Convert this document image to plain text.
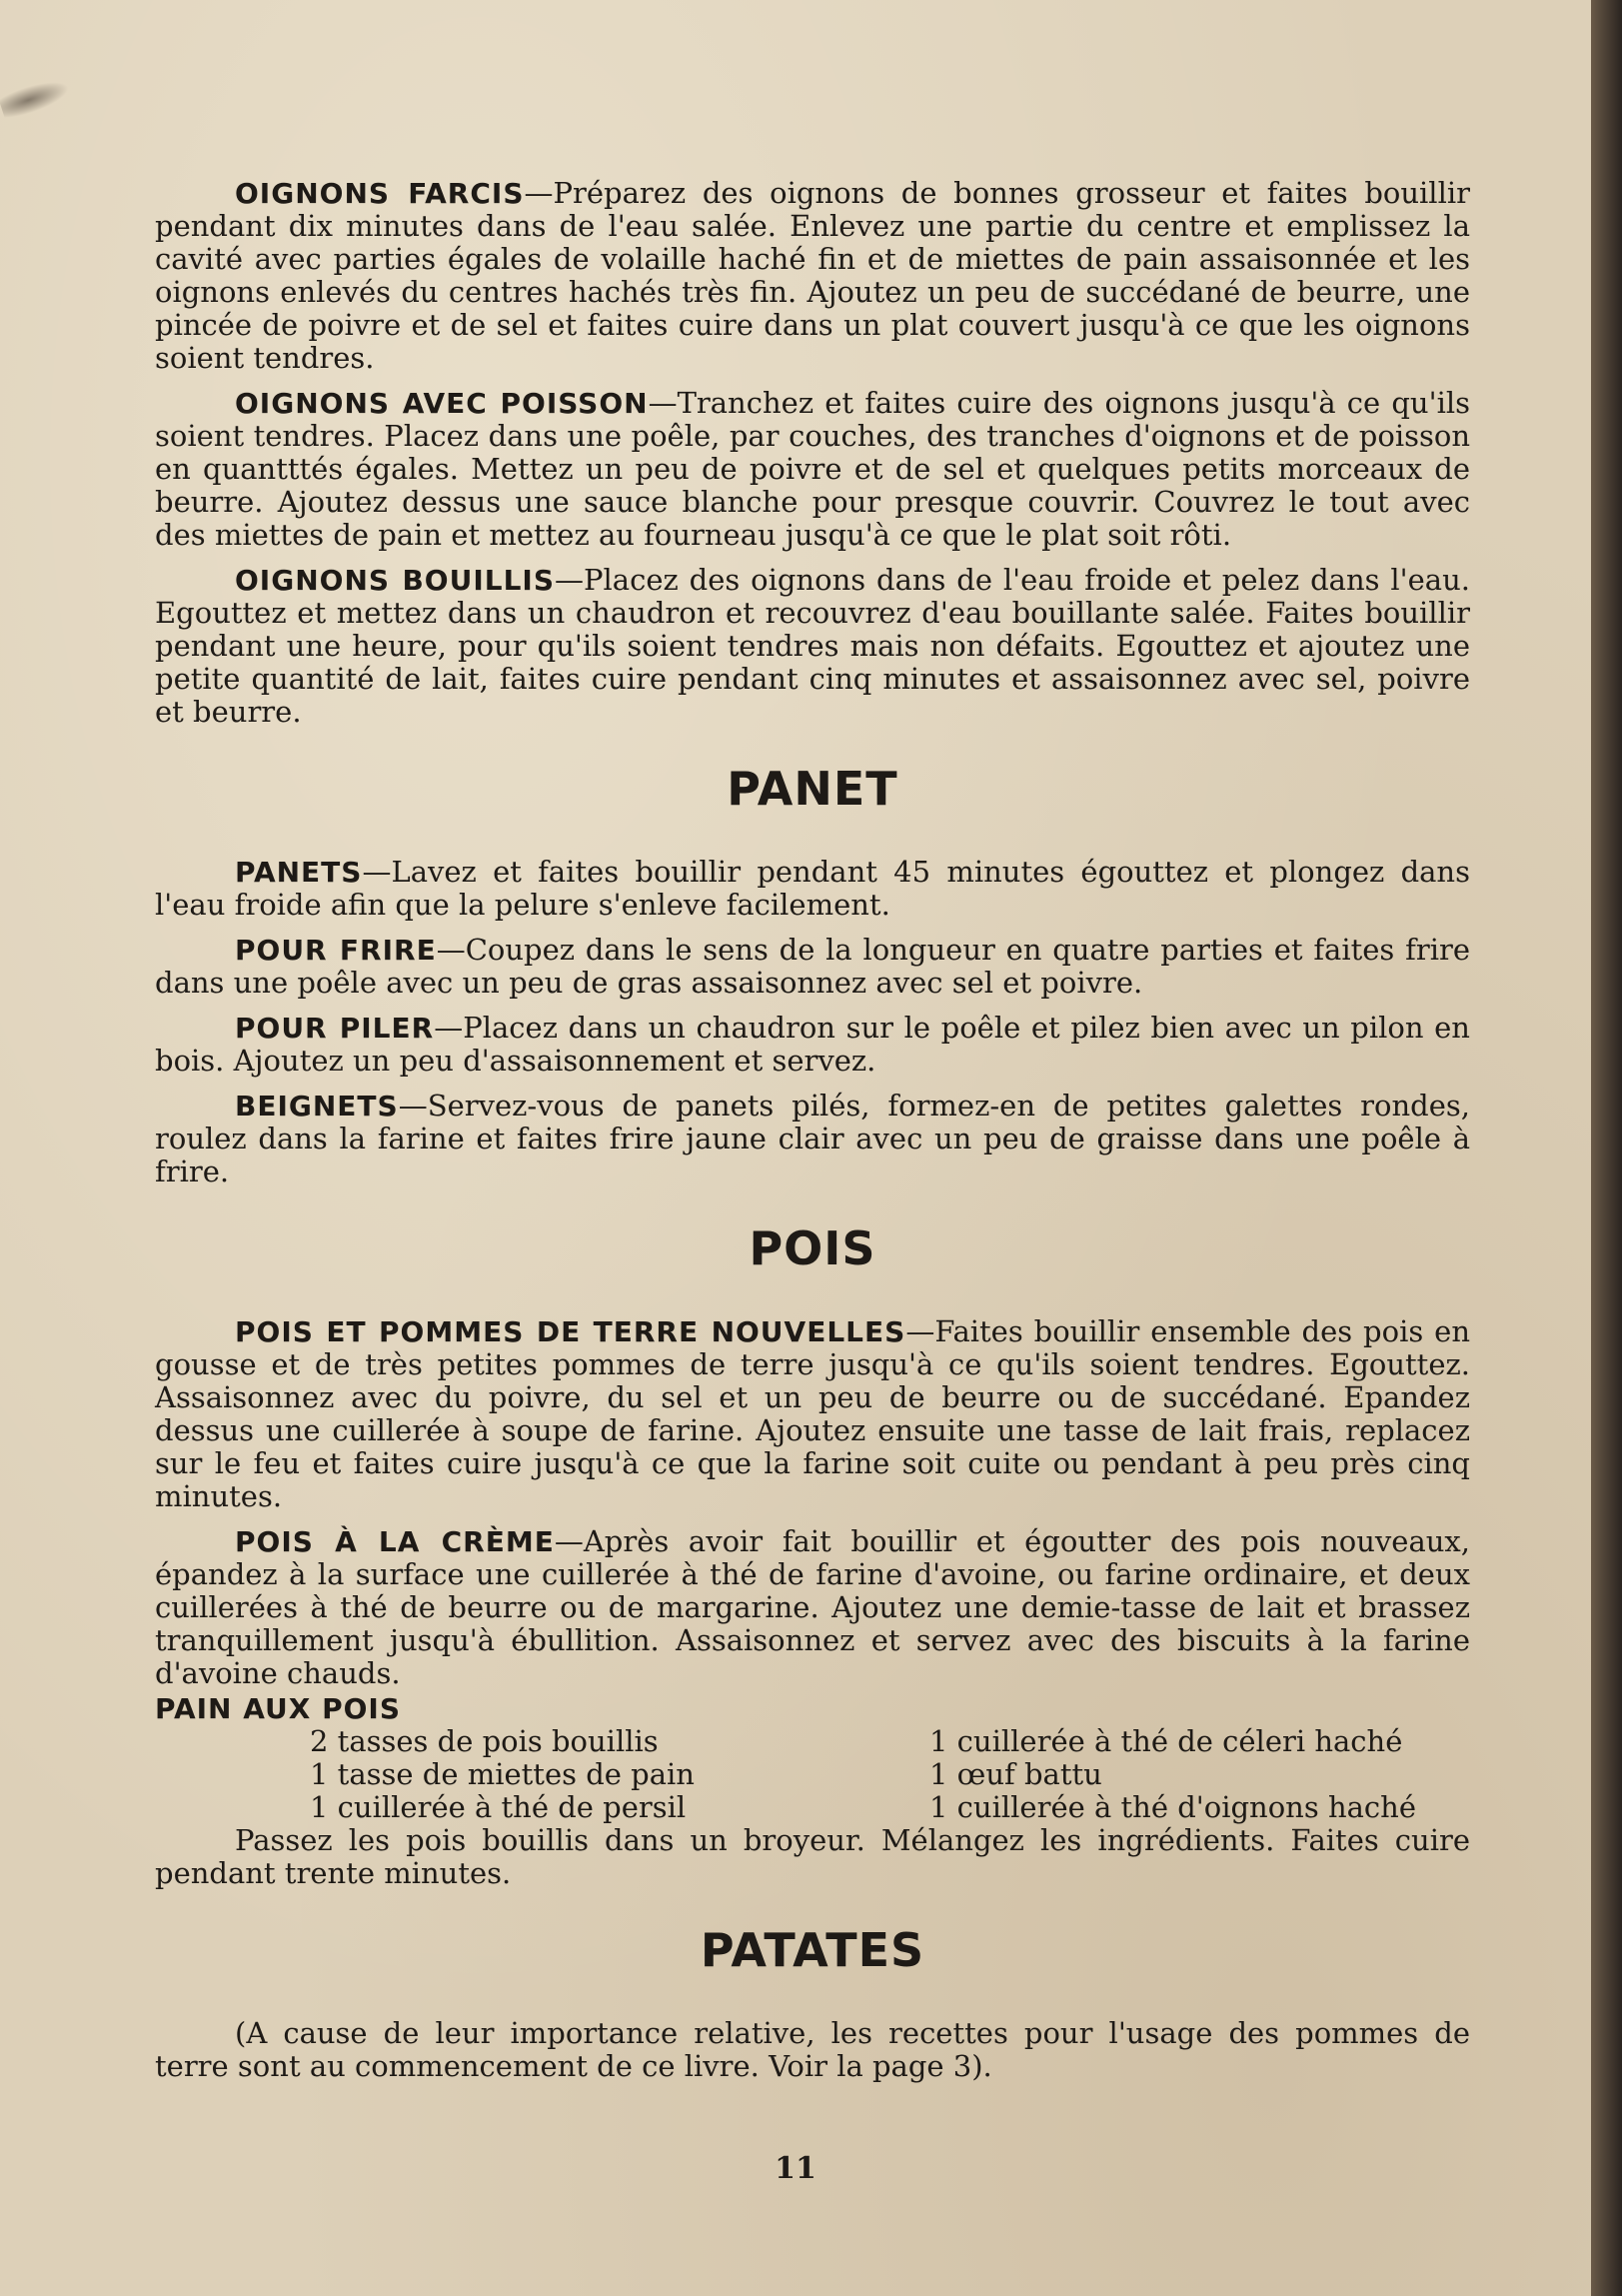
OIGNONS FARCIS—Préparez des oignons de bonnes grosseur et faites bouillir pendant dix minutes dans de l'eau salée. Enlevez une partie du centre et emplissez la cavité avec parties égales de volaille haché fin et de miettes de pain assaisonnée et les oignons enlevés du centres hachés très fin. Ajoutez un peu de succédané de beurre, une pincée de poivre et de sel et faites cuire dans un plat couvert jusqu'à ce que les oignons soient tendres.

OIGNONS AVEC POISSON—Tranchez et faites cuire des oignons jusqu'à ce qu'ils soient tendres. Placez dans une poêle, par couches, des tranches d'oignons et de poisson en quantttés égales. Mettez un peu de poivre et de sel et quelques petits morceaux de beurre. Ajoutez dessus une sauce blanche pour presque couvrir. Couvrez le tout avec des miettes de pain et mettez au fourneau jusqu'à ce que le plat soit rôti.

OIGNONS BOUILLIS—Placez des oignons dans de l'eau froide et pelez dans l'eau. Egouttez et mettez dans un chaudron et recouvrez d'eau bouillante salée. Faites bouillir pendant une heure, pour qu'ils soient tendres mais non défaits. Egouttez et ajoutez une petite quantité de lait, faites cuire pendant cinq minutes et assaisonnez avec sel, poivre et beurre.

PANET

PANETS—Lavez et faites bouillir pendant 45 minutes égouttez et plongez dans l'eau froide afin que la pelure s'enleve facilement.

POUR FRIRE—Coupez dans le sens de la longueur en quatre parties et faites frire dans une poêle avec un peu de gras assaisonnez avec sel et poivre.

POUR PILER—Placez dans un chaudron sur le poêle et pilez bien avec un pilon en bois. Ajoutez un peu d'assaisonnement et servez.

BEIGNETS—Servez-vous de panets pilés, formez-en de petites galettes rondes, roulez dans la farine et faites frire jaune clair avec un peu de graisse dans une poêle à frire.

POIS

POIS ET POMMES DE TERRE NOUVELLES—Faites bouillir ensemble des pois en gousse et de très petites pommes de terre jusqu'à ce qu'ils soient tendres. Egouttez. Assaisonnez avec du poivre, du sel et un peu de beurre ou de succédané. Epandez dessus une cuillerée à soupe de farine. Ajoutez ensuite une tasse de lait frais, replacez sur le feu et faites cuire jusqu'à ce que la farine soit cuite ou pendant à peu près cinq minutes.

POIS À LA CRÈME—Après avoir fait bouillir et égoutter des pois nouveaux, épandez à la surface une cuillerée à thé de farine d'avoine, ou farine ordinaire, et deux cuillerées à thé de beurre ou de margarine. Ajoutez une demie-tasse de lait et brassez tranquillement jusqu'à ébullition. Assaisonnez et servez avec des biscuits à la farine d'avoine chauds.

PAIN AUX POIS
2 tasses de pois bouillis
1 tasse de miettes de pain
1 cuillerée à thé de persil
1 cuillerée à thé de céleri haché
1 œuf battu
1 cuillerée à thé d'oignons haché

Passez les pois bouillis dans un broyeur. Mélangez les ingrédients. Faites cuire pendant trente minutes.

PATATES

(A cause de leur importance relative, les recettes pour l'usage des pommes de terre sont au commencement de ce livre. Voir la page 3).

11
